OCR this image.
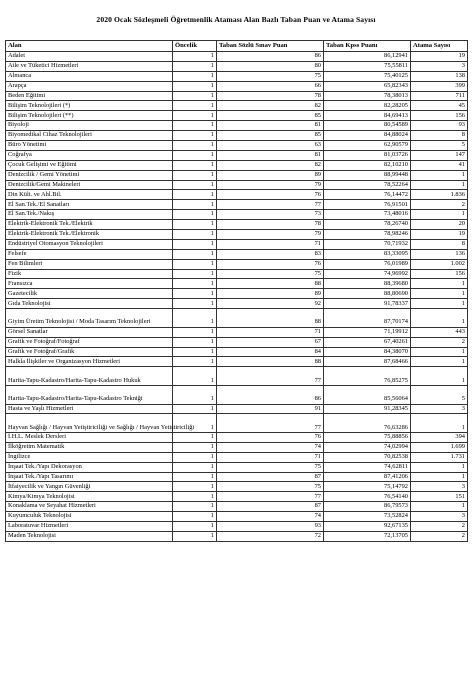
2020 Ocak Sözleşmeli Öğretmenlik Ataması Alan Bazlı Taban Puan ve Atama Sayısı
Alan	Öncelik	Taban Sözlü Sınav Puan	Taban Kpss Puanı	Atama Sayısı
Adalet	1	86	86,12941	19
Aile ve Tüketici Hizmetleri	1	80	75,55811	3
Almanca	1	75	75,40125	138
Arapça	1	66	65,82343	399
Beden Eğitimi	1	78	78,38013	711
Bilişim Teknolojileri (*)	1	82	82,28205	45
Bilişim Teknolojileri (**)	1	85	84,69413	156
Biyoloji	1	81	80,54589	93
Biyomedikal Cihaz Teknolojileri	1	85	84,88024	8
Büro Yönetimi	1	63	62,90579	5
Coğrafya	1	81	81,03726	147
Çocuk Gelişimi ve Eğitimi	1	82	82,10210	41
Denizcilik / Gemi Yönetimi	1	89	88,99448	1
Denizcilik/Gemi Makineleri	1	79	78,52264	1
Din Kült. ve Ahl.Bil.	1	76	76,14472	1.836
El San.Tek./El Sanatları	1	77	76,91501	2
El San.Tek./Nakış	1	73	73,48016	1
Elektrik-Elektronik Tek./Elektrik	1	78	78,26740	20
Elektrik-Elektronik Tek./Elektronik	1	79	78,98246	19
Endüstriyel Otomasyon Teknolojileri	1	71	70,71932	8
Felsefe	1	83	83,33095	136
Fen Bilimleri	1	76	76,01989	1.002
Fizik	1	75	74,96992	156
Fransızca	1	88	88,39680	1
Gazetecilik	1	89	88,80690	1
Gıda Teknolojisi	1	92	91,78337	1
Giyim Üretim Teknolojisi / Moda Tasarım Teknolojileri	1	88	87,70174	1
Görsel Sanatlar	1	71	71,19912	443
Grafik ve Fotoğraf/Fotoğraf	1	67	67,40261	2
Grafik ve Fotoğraf/Grafik	1	84	84,38070	1
Halkla İlişkiler ve Organizasyon Hizmetleri	1	88	87,68466	1
Harita-Tapu-Kadastro/Harita-Tapu-Kadastro Hukuk	1	77	76,85275	1
Harita-Tapu-Kadastro/Harita-Tapu-Kadastro Tekniği	1	86	85,56064	5
Hasta ve Yaşlı Hizmetleri	1	91	91,28345	3
Hayvan Sağlığı / Hayvan Yetiştiriciliği ve Sağlığı / Hayvan Yetiştiriciliği	1	77	76,63286	1
İ.H.L. Meslek Dersleri	1	76	75,88856	394
İlköğretim Matematik	1	74	74,02994	1.699
İngilizce	1	71	70,82538	1.731
İnşaat Tek./Yapı Dekorasyon	1	75	74,62811	1
İnşaat Tek./Yapı Tasarımı	1	87	87,41206	1
İtfaiyecilik ve Yangın Güvenliği	1	75	75,14792	3
Kimya/Kimya Teknolojisi	1	77	76,54140	151
Konaklama ve Seyahat Hizmetleri	1	87	86,79573	1
Kuyumculuk Teknolojisi	1	74	73,52824	3
Laboratuvar Hizmetleri	1	93	92,67135	2
Maden Teknolojisi	1	72	72,13705	2
